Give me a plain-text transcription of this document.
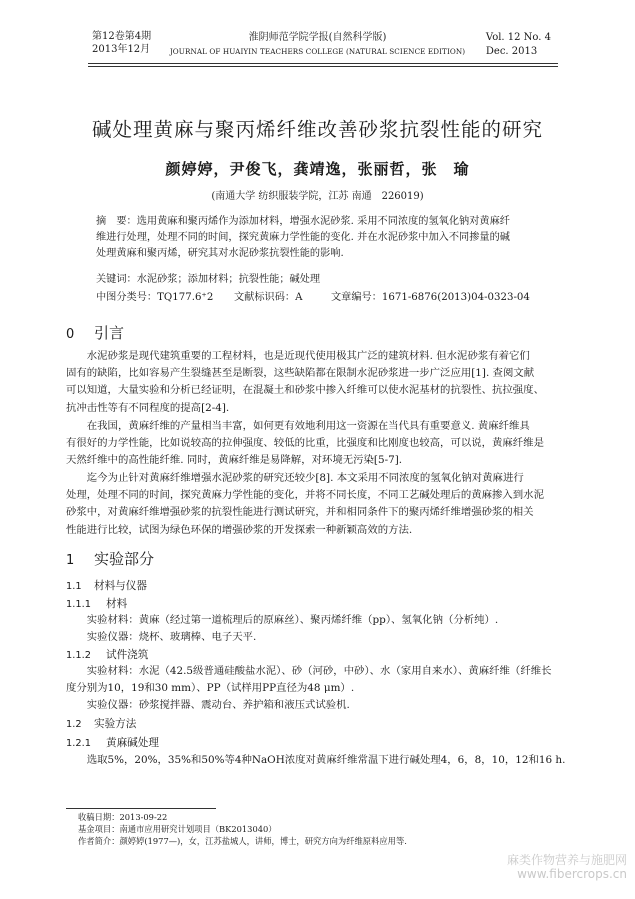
第12卷第4期
2013年12月
淮阴师范学院学报(自然科学版)
JOURNAL OF HUAIYIN TEACHERS COLLEGE (NATURAL SCIENCE EDITION)
Vol. 12 No. 4
Dec. 2013
碱处理黄麻与聚丙烯纤维改善砂浆抗裂性能的研究
颜婷婷，尹俊飞，龚靖逸，张丽哲，张　瑜
(南通大学 纺织服装学院，江苏 南通　226019)
摘　要：选用黄麻和聚丙烯作为添加材料，增强水泥砂浆. 采用不同浓度的氢氧化钠对黄麻纤
维进行处理，处理不同的时间，探究黄麻力学性能的变化. 并在水泥砂浆中加入不同掺量的碱
处理黄麻和聚丙烯，研究其对水泥砂浆抗裂性能的影响.
关键词：水泥砂浆；添加材料；抗裂性能；碱处理
中图分类号：TQ177.6⁺2 文献标识码：A	文章编号：1671-6876(2013)04-0323-04
0 引言
　　水泥砂浆是现代建筑重要的工程材料，也是近现代使用极其广泛的建筑材料. 但水泥砂浆有着它们
固有的缺陷，比如容易产生裂缝甚至是断裂，这些缺陷都在限制水泥砂浆进一步广泛应用[1]. 查阅文献
可以知道，大量实验和分析已经证明，在混凝土和砂浆中掺入纤维可以使水泥基材的抗裂性、抗拉强度、
抗冲击性等有不同程度的提高[2-4].
　　在我国，黄麻纤维的产量相当丰富，如何更有效地利用这一资源在当代具有重要意义. 黄麻纤维具
有很好的力学性能，比如说较高的拉伸强度、较低的比重，比强度和比刚度也较高，可以说，黄麻纤维是
天然纤维中的高性能纤维. 同时，黄麻纤维是易降解，对环境无污染[5-7].
　　迄今为止针对黄麻纤维增强水泥砂浆的研究还较少[8]. 本文采用不同浓度的氢氧化钠对黄麻进行
处理，处理不同的时间，探究黄麻力学性能的变化，并将不同长度，不同工艺碱处理后的黄麻掺入到水泥
砂浆中，对黄麻纤维增强砂浆的抗裂性能进行测试研究，并和相同条件下的聚丙烯纤维增强砂浆的相关
性能进行比较，试图为绿色环保的增强砂浆的开发探索一种新颖高效的方法.
1 实验部分
1.1 材料与仪器
1.1.1 材料
　　实验材料：黄麻（经过第一道梳理后的原麻丝）、聚丙烯纤维（pp）、氢氧化钠（分析纯）.
　　实验仪器：烧杯、玻璃棒、电子天平.
1.1.2 试件浇筑
　　实验材料：水泥（42.5级普通硅酸盐水泥）、砂（河砂，中砂）、水（家用自来水）、黄麻纤维（纤维长
度分别为10，19和30 mm）、PP（试样用PP直径为48 μm）.
　　实验仪器：砂浆搅拌器、震动台、养护箱和液压式试验机.
1.2 实验方法
1.2.1 黄麻碱处理
　　选取5%，20%，35%和50%等4种NaOH浓度对黄麻纤维常温下进行碱处理4，6，8，10，12和16 h.
收稿日期：2013-09-22
基金项目：南通市应用研究计划项目（BK2013040）
作者简介：颜婷婷(1977—)，女，江苏盐城人，讲师，博士，研究方向为纤维原料应用等.
麻类作物营养与施肥网
www.fibercrops.cn
